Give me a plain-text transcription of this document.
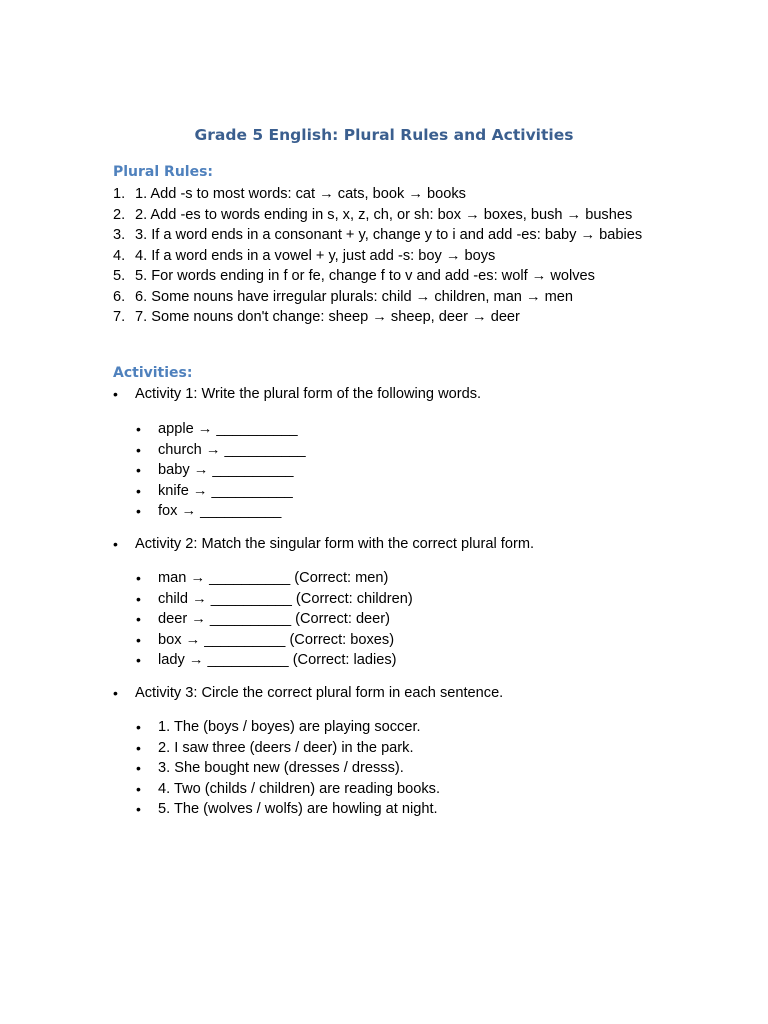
Grade 5 English: Plural Rules and Activities
Plural Rules:
1. 1. Add -s to most words: cat → cats, book → books
2. 2. Add -es to words ending in s, x, z, ch, or sh: box → boxes, bush → bushes
3. 3. If a word ends in a consonant + y, change y to i and add -es: baby → babies
4. 4. If a word ends in a vowel + y, just add -s: boy → boys
5. 5. For words ending in f or fe, change f to v and add -es: wolf → wolves
6. 6. Some nouns have irregular plurals: child → children, man → men
7. 7. Some nouns don't change: sheep → sheep, deer → deer
Activities:

•	Activity 1: Write the plural form of the following words.

• apple → __________
• church → __________
• baby → __________
• knife → __________
• fox → __________

•	Activity 2: Match the singular form with the correct plural form.

• man → __________ (Correct: men)
• child → __________ (Correct: children)
• deer → __________ (Correct: deer)
• box → __________ (Correct: boxes)
• lady → __________ (Correct: ladies)

•	Activity 3: Circle the correct plural form in each sentence.

• 1. The (boys / boyes) are playing soccer.
• 2. I saw three (deers / deer) in the park.
• 3. She bought new (dresses / dresss).
• 4. Two (childs / children) are reading books.
• 5. The (wolves / wolfs) are howling at night.
